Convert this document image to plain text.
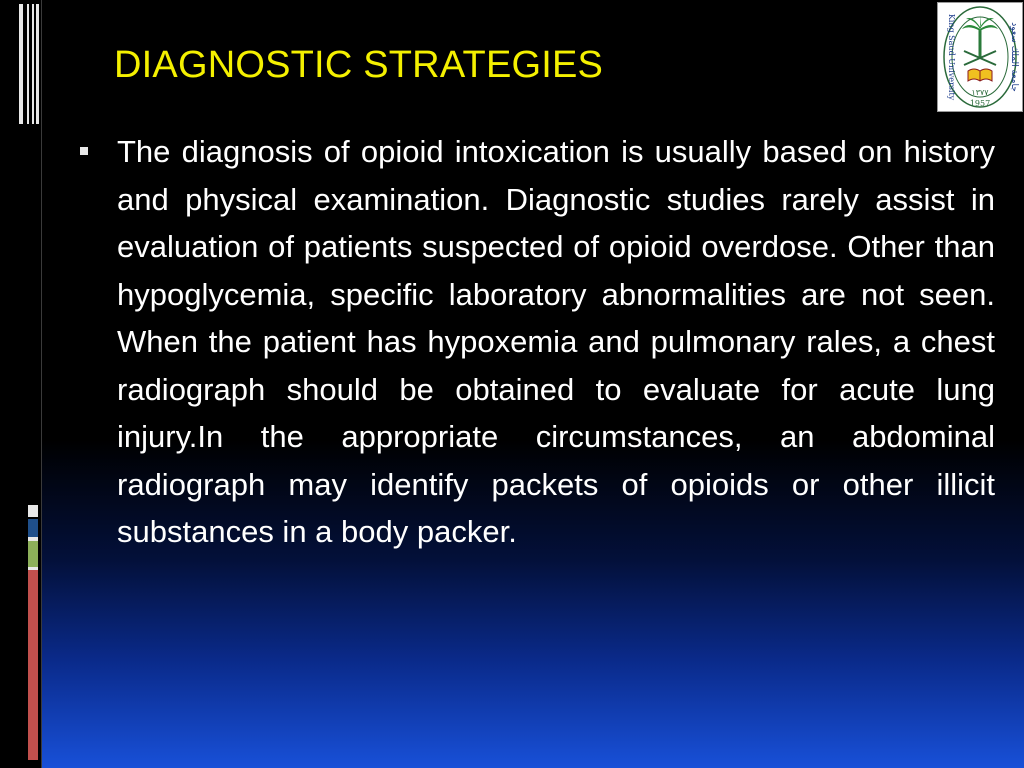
DIAGNOSTIC STRATEGIES	King Saud University	جامعة الملك سعود
١٣٧٧
1957
The diagnosis of opioid intoxication is usually based on history and physical examination. Diagnostic studies rarely assist in evaluation of patients suspected of opioid overdose. Other than hypoglycemia, specific laboratory abnormalities are not seen. When the patient has hypoxemia and pulmonary rales, a chest radiograph should be obtained to evaluate for acute lung injury.In the appropriate circumstances, an abdominal radiograph may identify packets of opioids or other illicit substances in a body packer.
